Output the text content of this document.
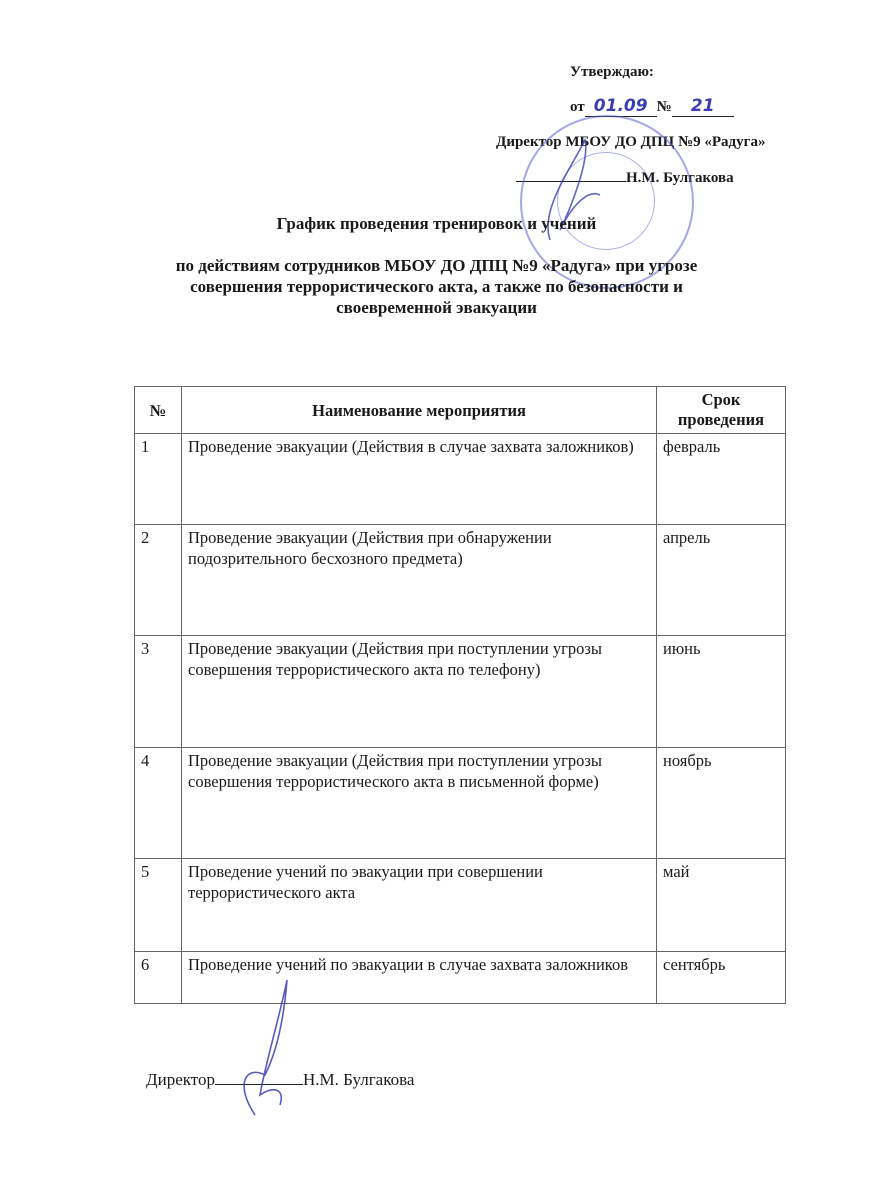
Утверждаю:
от 01.09 № 21
Директор МБОУ ДО ДПЦ №9 «Радуга»
Н.М. Булгакова
График проведения тренировок и учений
по действиям сотрудников МБОУ ДО ДПЦ №9 «Радуга» при угрозе совершения террористического акта, а также по безопасности и своевременной эвакуации
№	Наименование мероприятия	Срок проведения
1	Проведение эвакуации (Действия в случае захвата заложников)	февраль
2	Проведение эвакуации (Действия при обнаружении подозрительного бесхозного предмета)	апрель
3	Проведение эвакуации (Действия при поступлении угрозы совершения террористического акта по телефону)	июнь
4	Проведение эвакуации (Действия при поступлении угрозы совершения террористического акта в письменной форме)	ноябрь
5	Проведение учений по эвакуации при совершении террористического акта	май
6	Проведение учений по эвакуации в случае захвата заложников	сентябрь
Директор	Н.М. Булгакова
